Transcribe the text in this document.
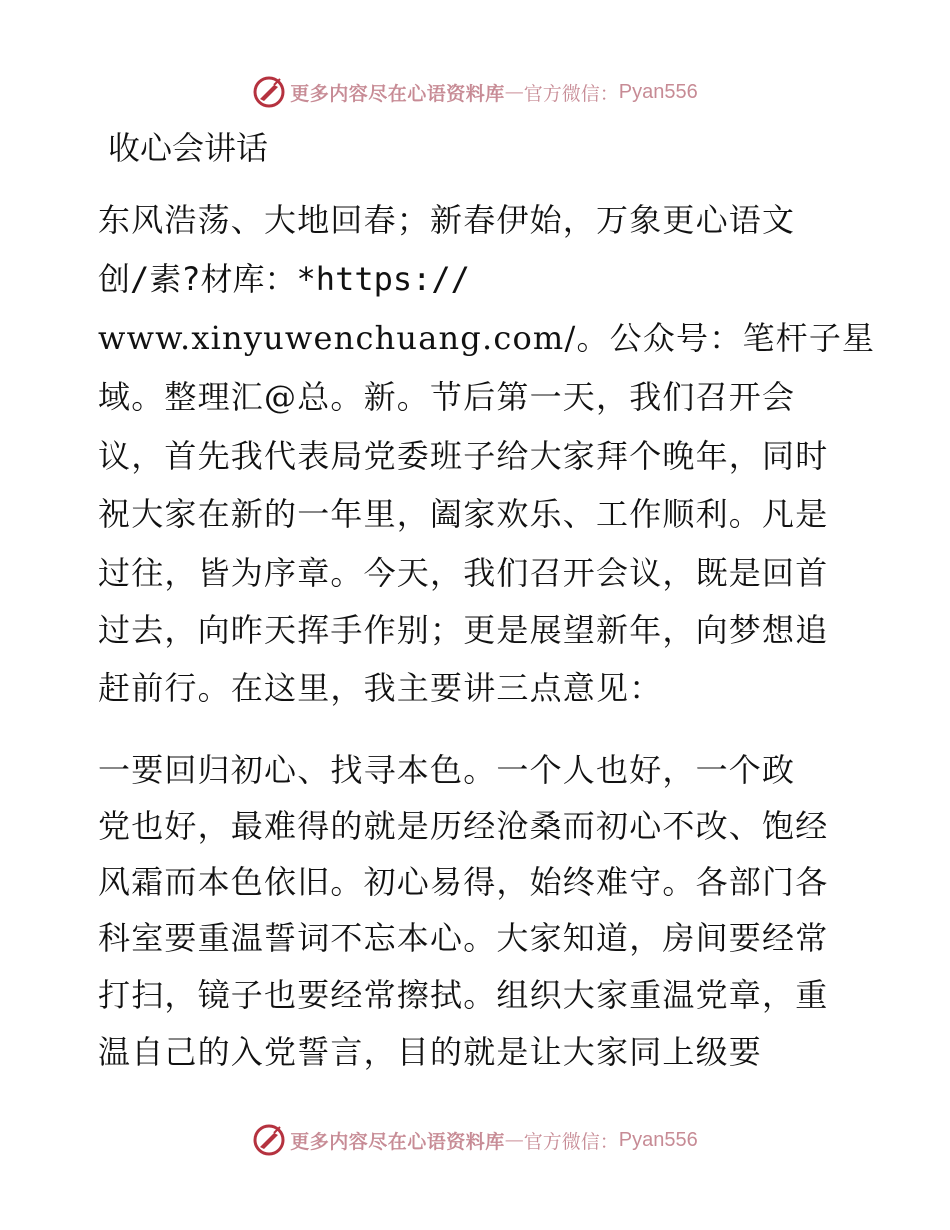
更多内容尽在心语资料库 — 官方微信： Pyan556
收心会讲话
东风浩荡、大地回春；新春伊始，万象更心语文
创/素?材库：*https://
www.xinyuwenchuang.com/。公众号：笔杆子星
域。整理汇@总。新。节后第一天，我们召开会
议，首先我代表局党委班子给大家拜个晚年，同时
祝大家在新的一年里，阖家欢乐、工作顺利。凡是
过往，皆为序章。今天，我们召开会议，既是回首
过去，向昨天挥手作别；更是展望新年，向梦想追
赶前行。在这里，我主要讲三点意见：
一要回归初心、找寻本色。一个人也好，一个政
党也好，最难得的就是历经沧桑而初心不改、饱经
风霜而本色依旧。初心易得，始终难守。各部门各
科室要重温誓词不忘本心。大家知道，房间要经常
打扫，镜子也要经常擦拭。组织大家重温党章，重
温自己的入党誓言，目的就是让大家同上级要
更多内容尽在心语资料库 — 官方微信： Pyan556
